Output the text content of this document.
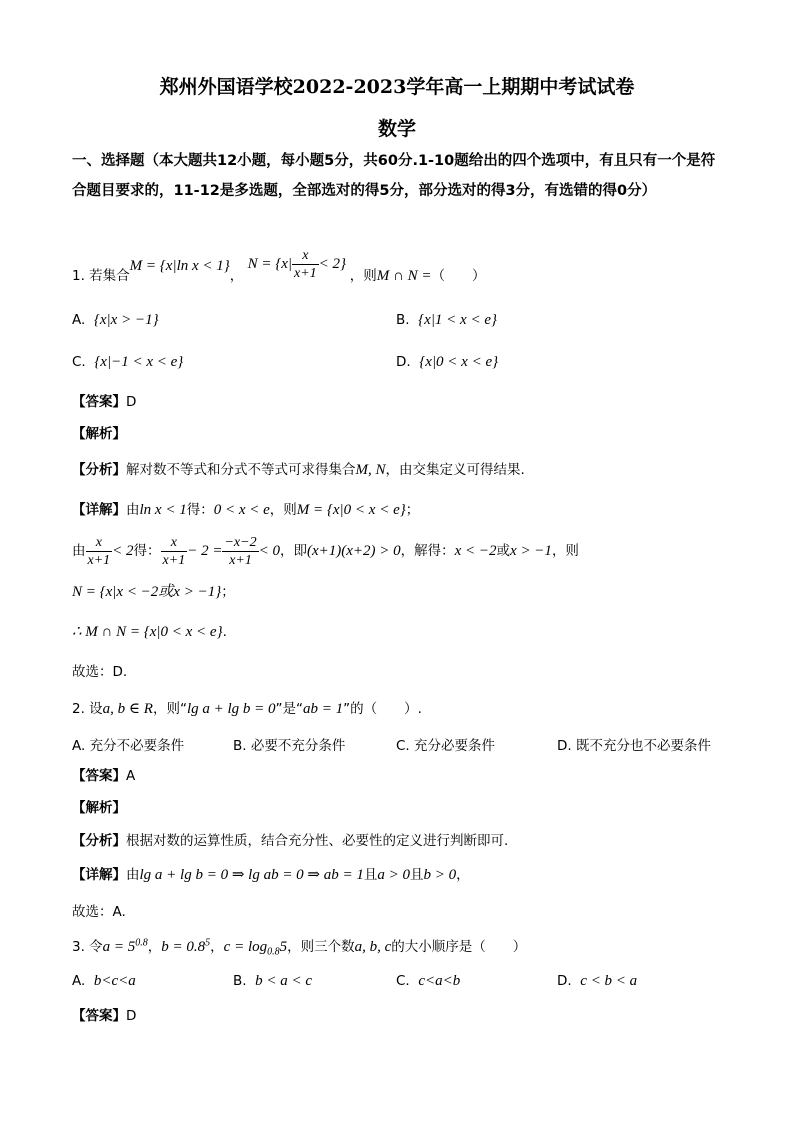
郑州外国语学校2022-2023学年高一上期期中考试试卷
数学
一、选择题（本大题共12小题，每小题5分，共60分.1-10题给出的四个选项中，有且只有一个是符合题目要求的，11-12是多选题，全部选对的得5分，部分选对的得3分，有选错的得0分）
1. 若集合M = {x|ln x < 1}， $N = \{x| \frac{x}{x+1} < 2\}$ ，则M ∩ N =（　　）
A. {x|x > −1}	B. {x|1 < x < e}
C. {x|−1 < x < e}	D. {x|0 < x < e}
【答案】D
【解析】
【分析】解对数不等式和分式不等式可求得集合M, N，由交集定义可得结果.
【详解】由ln x < 1得：0 < x < e，则M = {x|0 < x < e}；
由 $\frac{x}{x+1} < 2$得： $\frac{x}{x+1} - 2 = \frac{-x-2}{x+1} < 0$，即(x+1)(x+2) > 0，解得：x < −2或x > −1，则
N = {x|x < −2或x > −1}；
∴ M ∩ N = {x|0 < x < e}.
故选：D.
2. 设a, b ∈ R，则“lg a + lg b = 0”是“ab = 1”的（　　）.
A. 充分不必要条件	B. 必要不充分条件	C. 充分必要条件	D. 既不充分也不必要条件
【答案】A
【解析】
【分析】根据对数的运算性质，结合充分性、必要性的定义进行判断即可.
【详解】由lg a + lg b = 0 ⇒ lg ab = 0 ⇒ ab = 1且a > 0且b > 0，
故选：A.
3. 令$a = 5^{0.8}$，$b = 0.8^5$，$c = \log_{0.8}5$，则三个数a, b, c的大小顺序是（　　）
A. b<c<a	B. b < a < c	C. c<a<b	D. c < b < a
【答案】D
